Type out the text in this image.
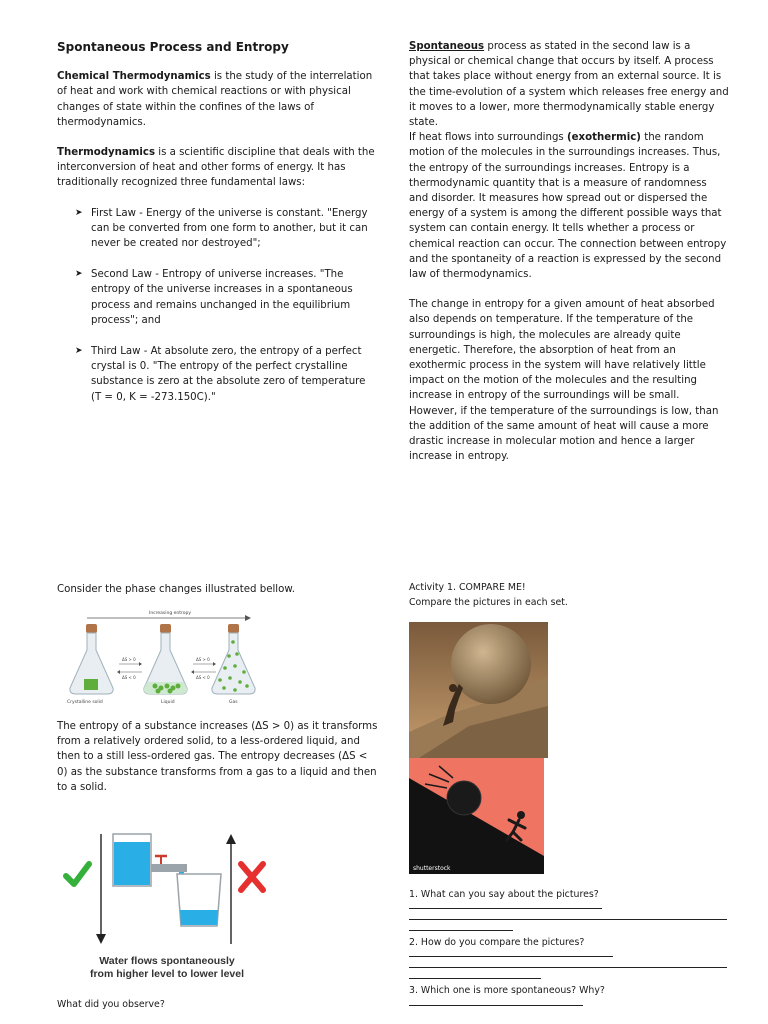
Spontaneous Process and Entropy

Chemical Thermodynamics is the study of the interrelation of heat and work with chemical reactions or with physical changes of state within the confines of the laws of thermodynamics.

Thermodynamics is a scientific discipline that deals with the interconversion of heat and other forms of energy. It has traditionally recognized three fundamental laws:

➤ First Law - Energy of the universe is constant. "Energy can be converted from one form to another, but it can never be created nor destroyed";
➤ Second Law - Entropy of universe increases. "The entropy of the universe increases in a spontaneous process and remains unchanged in the equilibrium process"; and
➤ Third Law - At absolute zero, the entropy of a perfect crystal is 0. "The entropy of the perfect crystalline substance is zero at the absolute zero of temperature (T = 0, K = -273.150C)."

Consider the phase changes illustrated bellow.

Increasing entropy
Crystalline solid
ΔS > 0
ΔS < 0
Liquid
ΔS > 0
ΔS < 0
Gas

The entropy of a substance increases (ΔS > 0) as it transforms from a relatively ordered solid, to a less-ordered liquid, and then to a still less-ordered gas. The entropy decreases (ΔS < 0) as the substance transforms from a gas to a liquid and then to a solid.

Water flows spontaneously
from higher level to lower level

What did you observe?

Spontaneous process as stated in the second law is a physical or chemical change that occurs by itself. A process that takes place without energy from an external source. It is the time-evolution of a system which releases free energy and it moves to a lower, more thermodynamically stable energy state.

If heat flows into surroundings (exothermic) the random motion of the molecules in the surroundings increases. Thus, the entropy of the surroundings increases. Entropy is a thermodynamic quantity that is a measure of randomness and disorder. It measures how spread out or dispersed the energy of a system is among the different possible ways that system can contain energy. It tells whether a process or chemical reaction can occur. The connection between entropy and the spontaneity of a reaction is expressed by the second law of thermodynamics.

The change in entropy for a given amount of heat absorbed also depends on temperature. If the temperature of the surroundings is high, the molecules are already quite energetic. Therefore, the absorption of heat from an exothermic process in the system will have relatively little impact on the motion of the molecules and the resulting increase in entropy of the surroundings will be small. However, if the temperature of the surroundings is low, than the addition of the same amount of heat will cause a more drastic increase in molecular motion and hence a larger increase in entropy.

Activity 1. COMPARE ME!

Compare the pictures in each set.

shutterstock

1. What can you say about the pictures?

2. How do you compare the pictures?

3. Which one is more spontaneous? Why?
